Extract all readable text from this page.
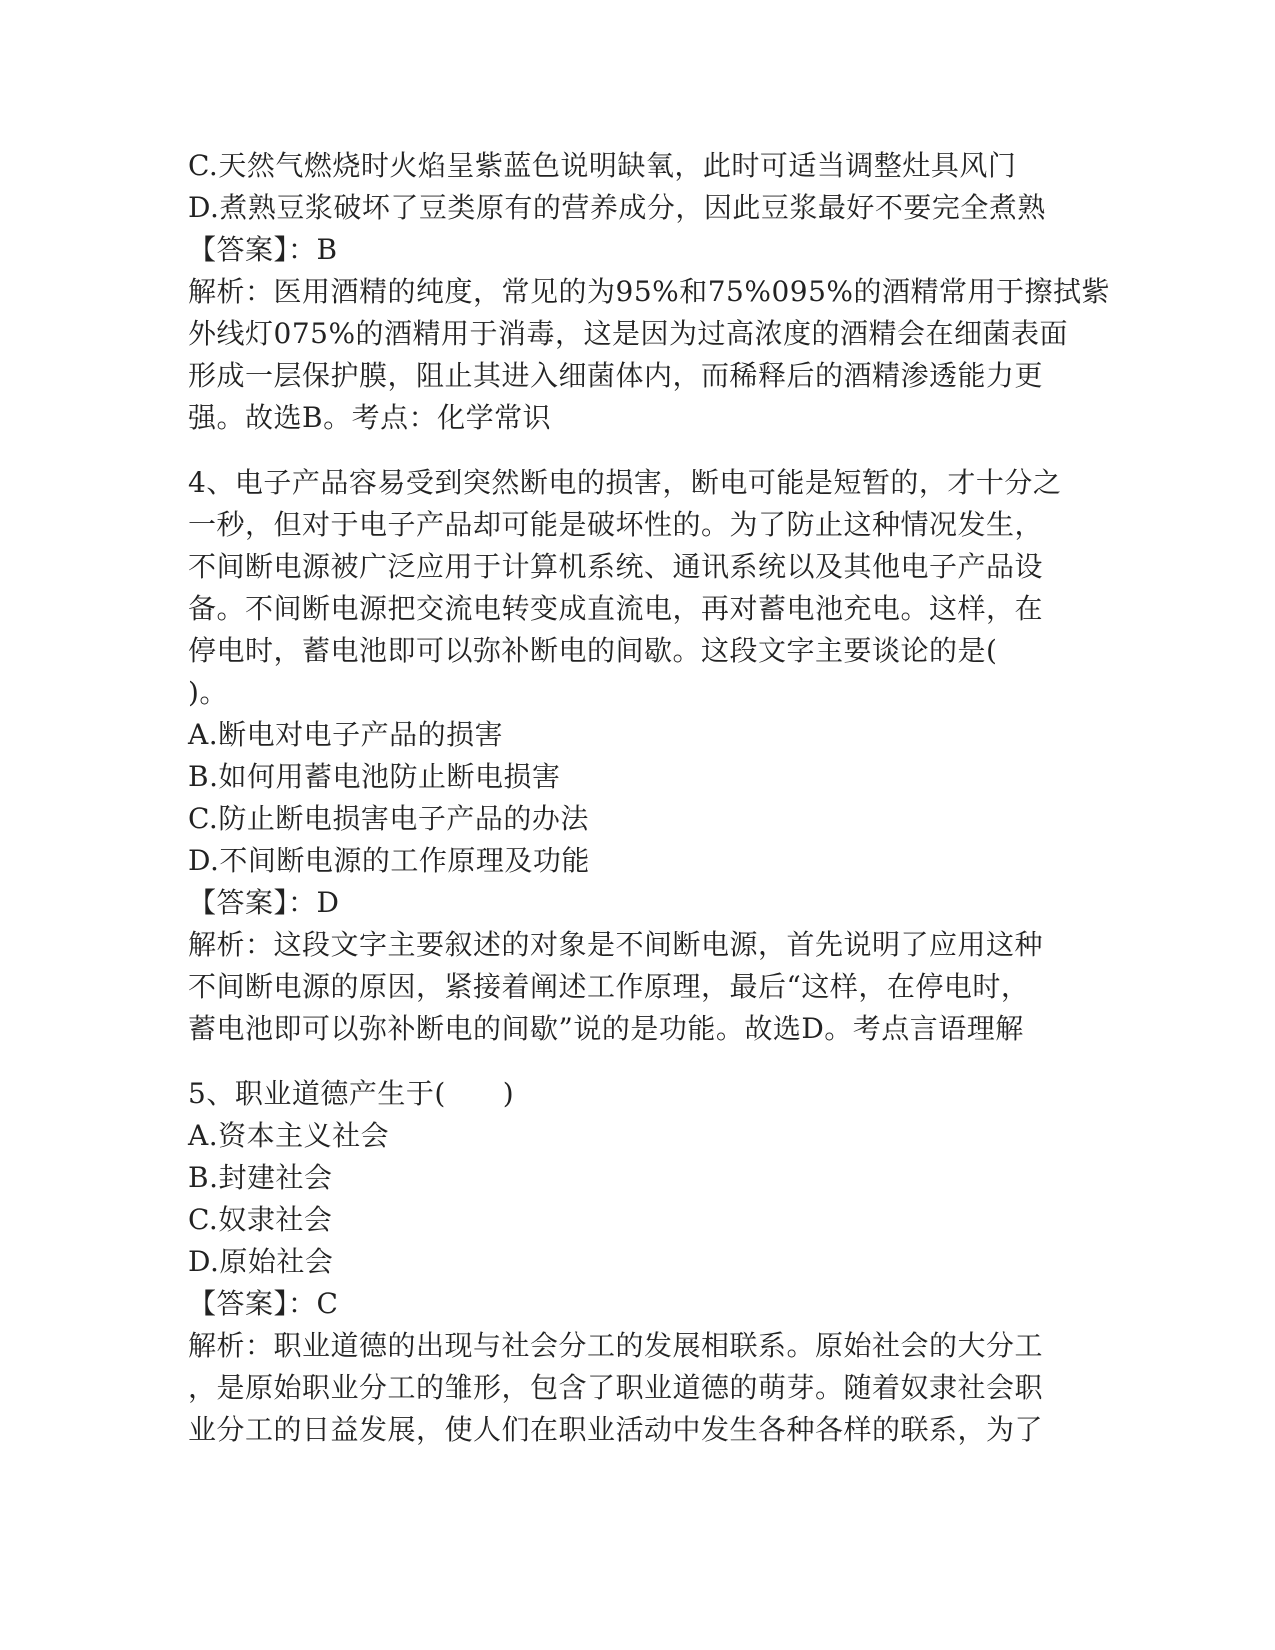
C.天然气燃烧时火焰呈紫蓝色说明缺氧，此时可适当调整灶具风门
D.煮熟豆浆破坏了豆类原有的营养成分，因此豆浆最好不要完全煮熟
【答案】：B
解析：医用酒精的纯度，常见的为95%和75%095%的酒精常用于擦拭紫
外线灯075%的酒精用于消毒，这是因为过高浓度的酒精会在细菌表面
形成一层保护膜，阻止其进入细菌体内，而稀释后的酒精渗透能力更
强。故选B。考点：化学常识
4、电子产品容易受到突然断电的损害，断电可能是短暂的，才十分之
一秒，但对于电子产品却可能是破坏性的。为了防止这种情况发生，
不间断电源被广泛应用于计算机系统、通讯系统以及其他电子产品设
备。不间断电源把交流电转变成直流电，再对蓄电池充电。这样，在
停电时，蓄电池即可以弥补断电的间歇。这段文字主要谈论的是(
)。
A.断电对电子产品的损害
B.如何用蓄电池防止断电损害
C.防止断电损害电子产品的办法
D.不间断电源的工作原理及功能
【答案】：D
解析：这段文字主要叙述的对象是不间断电源，首先说明了应用这种
不间断电源的原因，紧接着阐述工作原理，最后“这样，在停电时，
蓄电池即可以弥补断电的间歇”说的是功能。故选D。考点言语理解
5、职业道德产生于(　　)
A.资本主义社会
B.封建社会
C.奴隶社会
D.原始社会
【答案】：C
解析：职业道德的出现与社会分工的发展相联系。原始社会的大分工
，是原始职业分工的雏形，包含了职业道德的萌芽。随着奴隶社会职
业分工的日益发展，使人们在职业活动中发生各种各样的联系，为了
